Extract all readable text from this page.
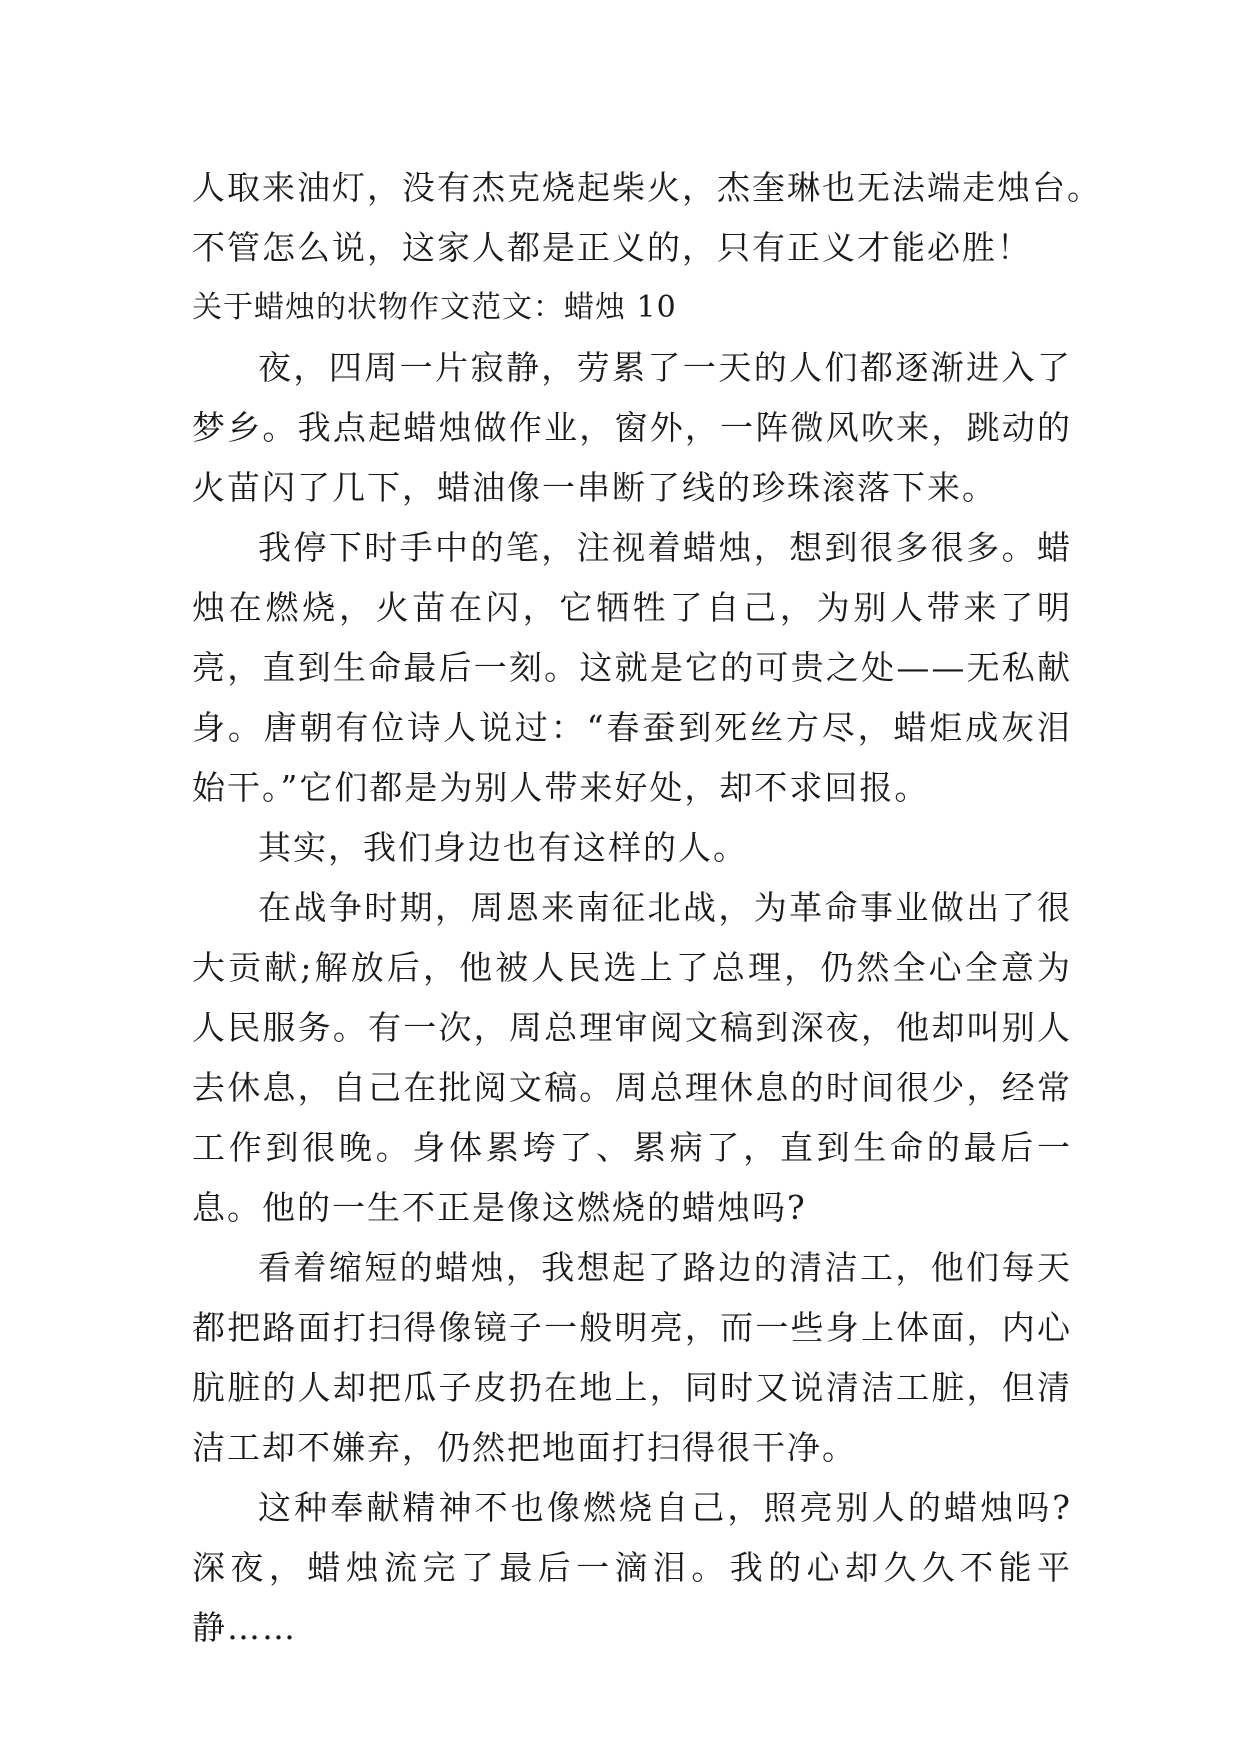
人取来油灯，没有杰克烧起柴火，杰奎琳也无法端走烛台。
不管怎么说，这家人都是正义的，只有正义才能必胜！
关于蜡烛的状物作文范文：蜡烛 10

夜，四周一片寂静，劳累了一天的人们都逐渐进入了梦乡。我点起蜡烛做作业，窗外，一阵微风吹来，跳动的火苗闪了几下，蜡油像一串断了线的珍珠滚落下来。

我停下时手中的笔，注视着蜡烛，想到很多很多。蜡烛在燃烧，火苗在闪，它牺牲了自己，为别人带来了明亮，直到生命最后一刻。这就是它的可贵之处——无私献身。唐朝有位诗人说过：“春蚕到死丝方尽，蜡炬成灰泪始干。”它们都是为别人带来好处，却不求回报。

其实，我们身边也有这样的人。

在战争时期，周恩来南征北战，为革命事业做出了很大贡献;解放后，他被人民选上了总理，仍然全心全意为人民服务。有一次，周总理审阅文稿到深夜，他却叫别人去休息，自己在批阅文稿。周总理休息的时间很少，经常工作到很晚。身体累垮了、累病了，直到生命的最后一息。他的一生不正是像这燃烧的蜡烛吗?

看着缩短的蜡烛，我想起了路边的清洁工，他们每天都把路面打扫得像镜子一般明亮，而一些身上体面，内心肮脏的人却把瓜子皮扔在地上，同时又说清洁工脏，但清洁工却不嫌弃，仍然把地面打扫得很干净。

这种奉献精神不也像燃烧自己，照亮别人的蜡烛吗?深夜，蜡烛流完了最后一滴泪。我的心却久久不能平静……
